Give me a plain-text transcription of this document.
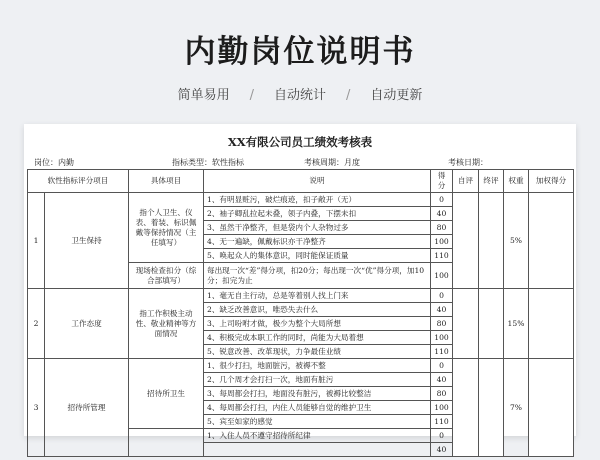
内勤岗位说明书
简单易用 / 自动统计 / 自动更新
XX有限公司员工绩效考核表
岗位：内勤	指标类型：软性指标	考核周期：月度	考核日期：
软性指标评分项目		具体项目	说明	得分	自评	终评	权重	加权得分
1	卫生保持	指个人卫生、仪表、着装、标识佩戴等保持情况（主任填写）	1、有明显赃污，破烂痕迹，扣子敞开（无）	0			5%	
			2、袖子卿乱拉起未叠，领子内叠，下摆未扣	40				
			3、虽然干净整齐，但是袋内个人杂物过多	80				
			4、无一遍缺，佩戴标识亦干净整齐	100				
			5、唤起众人的集体意识，同时能保证质量	110				
		现场检查扣分（综合部填写）	每出现一次“差”得分项，扣20分；每出现一次“优”得分项，加10分；扣完为止	100				
2	工作态度	指工作积极主动性、敬业精神等方面情况	1、毫无自主行动，总是等着别人找上门来	0			15%	
			2、缺乏改善意识，唯恐失去什么	40				
			3、上司吩咐才做，极少为整个大局所想	80				
			4、积极完成本职工作的同时，尚能为大局着想	100				
			5、锐意改善、改革现状，力争最佳业绩	110				
3	招待所管理	招待所卫生	1、很少打扫，地面脏污，被褥不整	0			7%	
			2、几个周才会打扫一次，地面有脏污	40				
			3、每周都会打扫，地面没有脏污，被褥比较整洁	80				
			4、每周都会打扫，内住人员能够自觉的维护卫生	100				
			5、宾至如家的感觉	110				
			1、入住人员不遵守招待所纪律	0				
				40				
